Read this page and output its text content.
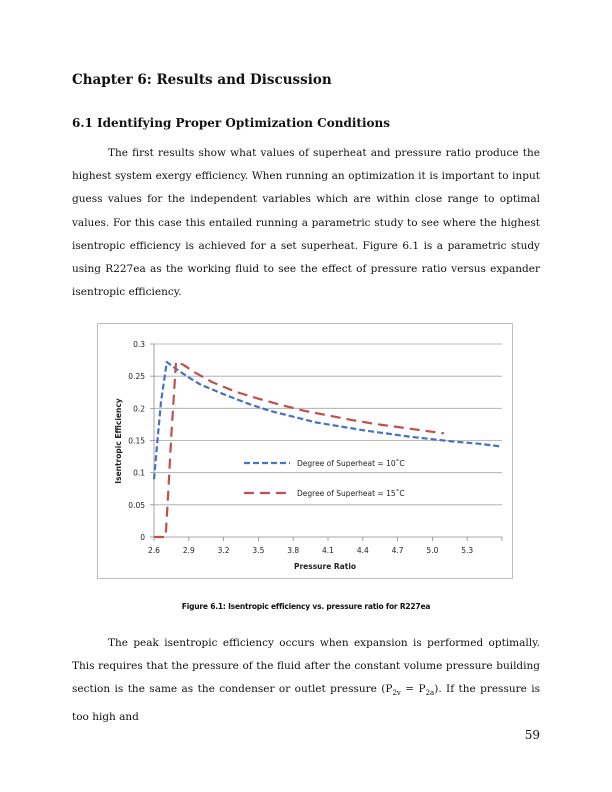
Chapter 6: Results and Discussion
6.1 Identifying Proper Optimization Conditions
The first results show what values of superheat and pressure ratio produce the highest system exergy efficiency. When running an optimization it is important to input guess values for the independent variables which are within close range to optimal values. For this case this entailed running a parametric study to see where the highest isentropic efficiency is achieved for a set superheat. Figure 6.1 is a parametric study using R227ea as the working fluid to see the effect of pressure ratio versus expander isentropic efficiency.
0
0.05
0.1
0.15
0.2
0.25
0.3
2.6	2.9	3.2	3.5	3.8	4.1	4.4	4.7	5.0	5.3
Degree of Superheat = 10˚C
Degree of Superheat = 15˚C
Pressure Ratio
Isentropic Efficiency
Figure 6.1: Isentropic efficiency vs. pressure ratio for R227ea
The peak isentropic efficiency occurs when expansion is performed optimally. This requires that the pressure of the fluid after the constant volume pressure building section is the same as the condenser or outlet pressure $(P_{2v} = P_{2a})$. If the pressure is too high and
59
